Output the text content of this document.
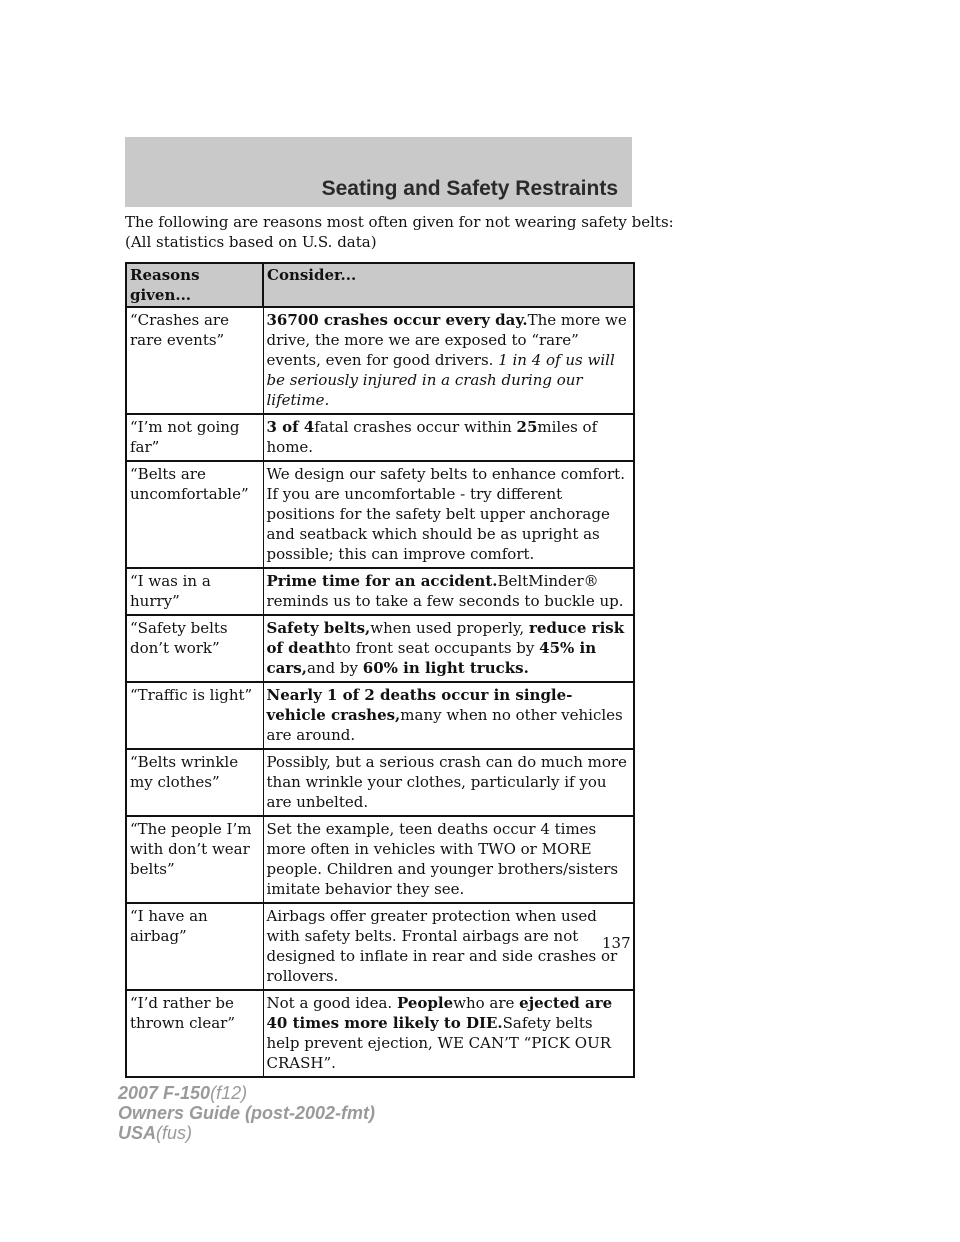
Seating and Safety Restraints
The following are reasons most often given for not wearing safety belts:
(All statistics based on U.S. data)
Reasons given...	Consider...
“Crashes are rare events”	36700 crashes occur every day.The more we drive, the more we are exposed to “rare” events, even for good drivers. 1 in 4 of us will be seriously injured in a crash during our lifetime.
“I’m not going far”	3 of 4fatal crashes occur within 25miles of home.
“Belts are uncomfortable”	We design our safety belts to enhance comfort. If you are uncomfortable - try different positions for the safety belt upper anchorage and seatback which should be as upright as possible; this can improve comfort.
“I was in a hurry”	Prime time for an accident.BeltMinder® reminds us to take a few seconds to buckle up.
“Safety belts don’t work”	Safety belts,when used properly, reduce risk of deathto front seat occupants by 45% in cars,and by 60% in light trucks.
“Traffic is light”	Nearly 1 of 2 deaths occur in single-vehicle crashes,many when no other vehicles are around.
“Belts wrinkle my clothes”	Possibly, but a serious crash can do much more than wrinkle your clothes, particularly if you are unbelted.
“The people I’m with don’t wear belts”	Set the example, teen deaths occur 4 times more often in vehicles with TWO or MORE people. Children and younger brothers/sisters imitate behavior they see.
“I have an airbag”	Airbags offer greater protection when used with safety belts. Frontal airbags are not designed to inflate in rear and side crashes or rollovers.
“I’d rather be thrown clear”	Not a good idea. Peoplewho are ejected are 40 times more likely to DIE.Safety belts help prevent ejection, WE CAN’T “PICK OUR CRASH”.
137
2007 F-150(f12)
Owners Guide (post-2002-fmt)
USA(fus)
